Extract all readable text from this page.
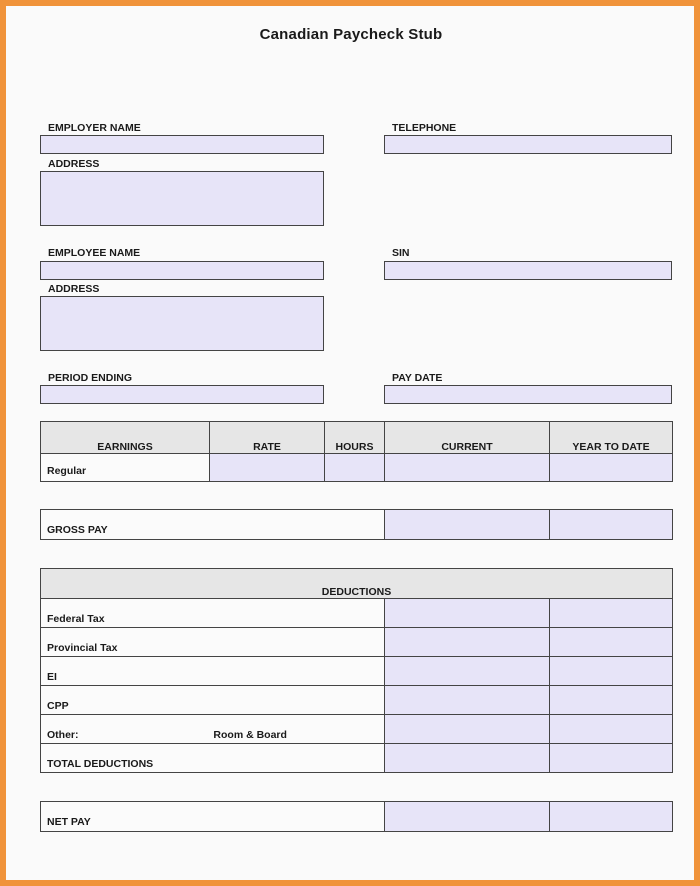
Canadian Paycheck Stub
EMPLOYER NAME	TELEPHONE
ADDRESS
EMPLOYEE NAME	SIN
ADDRESS
PERIOD ENDING	PAY DATE
EARNINGS	RATE	HOURS	CURRENT	YEAR TO DATE
Regular				
GROSS PAY		
DEDUCTIONS		
Federal Tax		
Provincial Tax		
EI		
CPP		
Other: Room & Board		
TOTAL DEDUCTIONS		
NET PAY		
